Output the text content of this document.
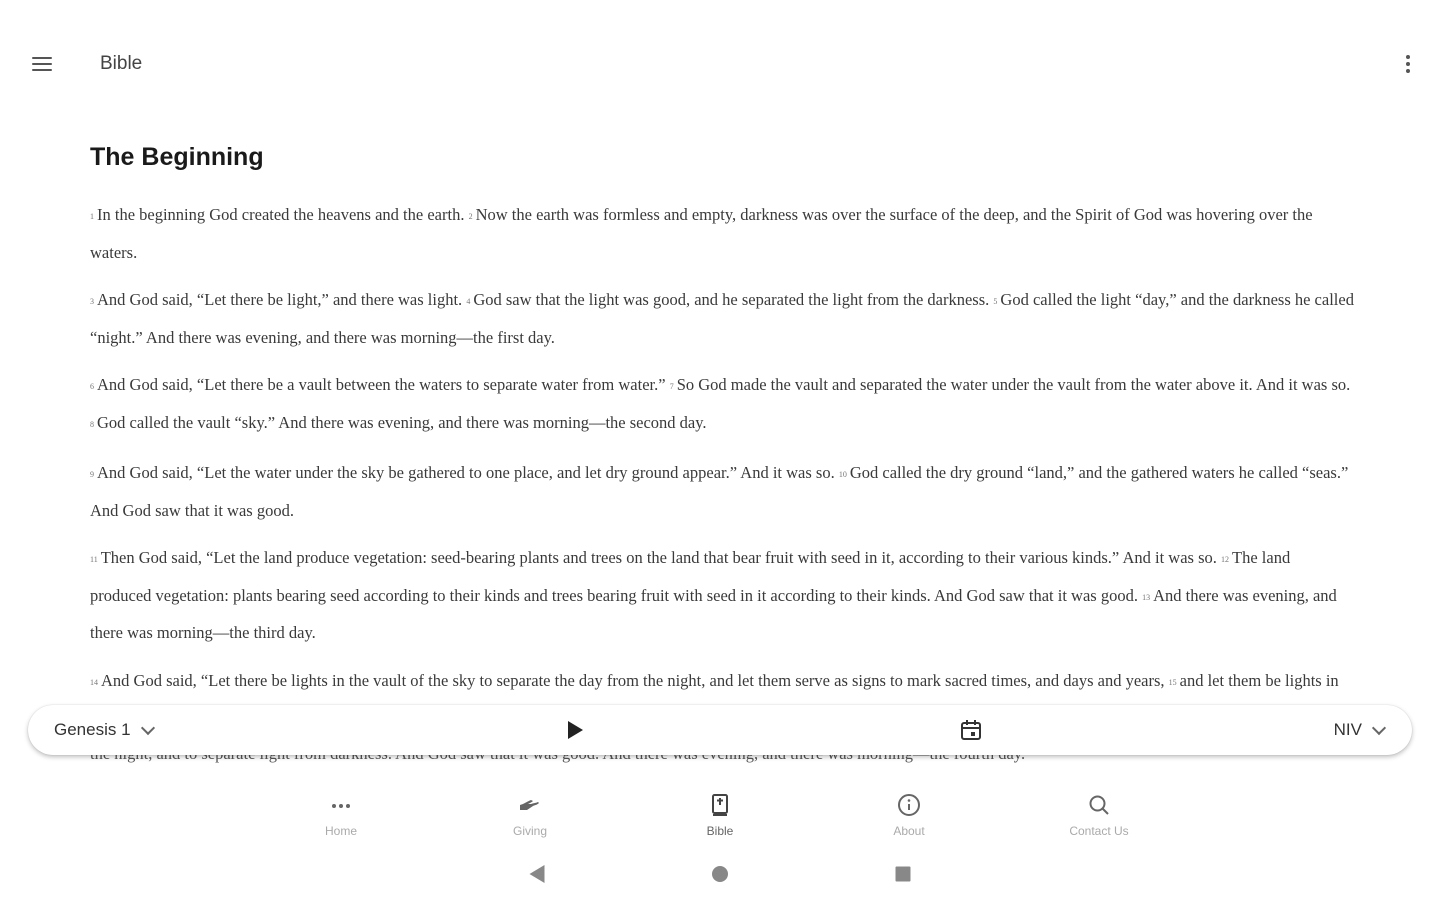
Bible
The Beginning

1 In the beginning God created the heavens and the earth. 2 Now the earth was formless and empty, darkness was over the surface of the deep, and the Spirit of God was hovering over the waters.

3 And God said, “Let there be light,” and there was light. 4 God saw that the light was good, and he separated the light from the darkness. 5 God called the light “day,” and the darkness he called “night.” And there was evening, and there was morning—the first day.

6 And God said, “Let there be a vault between the waters to separate water from water.” 7 So God made the vault and separated the water under the vault from the water above it. And it was so. 8 God called the vault “sky.” And there was evening, and there was morning—the second day.

9 And God said, “Let the water under the sky be gathered to one place, and let dry ground appear.” And it was so. 10 God called the dry ground “land,” and the gathered waters he called “seas.” And God saw that it was good.

11 Then God said, “Let the land produce vegetation: seed-bearing plants and trees on the land that bear fruit with seed in it, according to their various kinds.” And it was so. 12 The land produced vegetation: plants bearing seed according to their kinds and trees bearing fruit with seed in it according to their kinds. And God saw that it was good. 13 And there was evening, and there was morning—the third day.

14 And God said, “Let there be lights in the vault of the sky to separate the day from the night, and let them serve as signs to mark sacred times, and days and years, 15 and let them be lights in

Genesis 1	NIV
Home	Giving	Bible	About	Contact Us
